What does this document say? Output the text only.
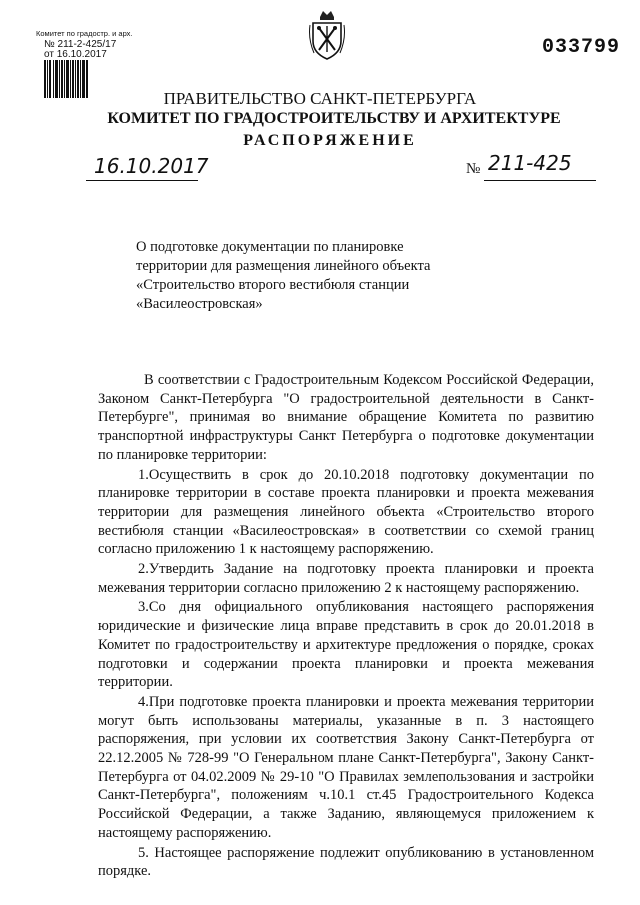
Комитет по градостр. и арх.
№ 211-2-425/17
от 16.10.2017	033799
ПРАВИТЕЛЬСТВО САНКТ-ПЕТЕРБУРГА
КОМИТЕТ ПО ГРАДОСТРОИТЕЛЬСТВУ И АРХИТЕКТУРЕ
РАСПОРЯЖЕНИЕ
16.10.2017	№ 211-425
О подготовке документации по планировке
территории для размещения линейного объекта
«Строительство второго вестибюля станции
«Василеостровская»

В соответствии с Градостроительным Кодексом Российской Федерации, Законом Санкт-Петербурга "О градостроительной деятельности в Санкт-Петербурге", принимая во внимание обращение Комитета по развитию транспортной инфраструктуры Санкт Петербурга о подготовке документации по планировке территории:

1.Осуществить в срок до 20.10.2018 подготовку документации по планировке территории в составе проекта планировки и проекта межевания территории для размещения линейного объекта «Строительство второго вестибюля станции «Василеостровская» в соответствии со схемой границ согласно приложению 1 к настоящему распоряжению.

2.Утвердить Задание на подготовку проекта планировки и проекта межевания территории согласно приложению 2 к настоящему распоряжению.

3.Со дня официального опубликования настоящего распоряжения юридические и физические лица вправе представить в срок до 20.01.2018 в Комитет по градостроительству и архитектуре предложения о порядке, сроках подготовки и содержании проекта планировки и проекта межевания территории.

4.При подготовке проекта планировки и проекта межевания территории могут быть использованы материалы, указанные в п. 3 настоящего распоряжения, при условии их соответствия Закону Санкт-Петербурга от 22.12.2005 № 728-99 "О Генеральном плане Санкт-Петербурга", Закону Санкт-Петербурга от 04.02.2009 № 29-10 "О Правилах землепользования и застройки Санкт-Петербурга", положениям ч.10.1 ст.45 Градостроительного Кодекса Российской Федерации, а также Заданию, являющемуся приложением к настоящему распоряжению.

5. Настоящее распоряжение подлежит опубликованию в установленном порядке.
